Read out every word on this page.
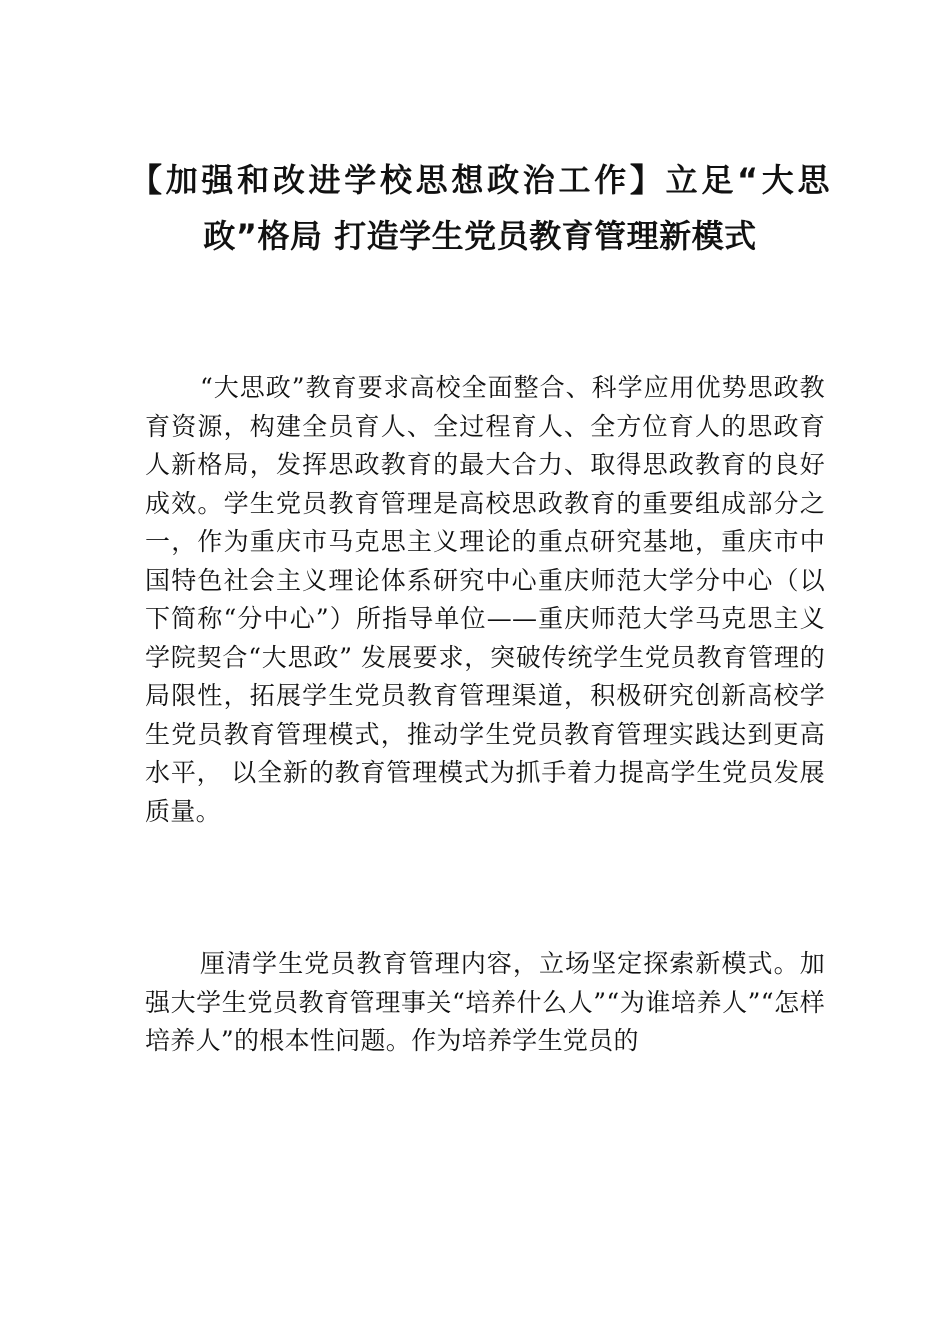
【加强和改进学校思想政治工作】立足“大思政”格局 打造学生党员教育管理新模式

“大思政”教育要求高校全面整合、科学应用优势思政教育资源，构建全员育人、全过程育人、全方位育人的思政育人新格局，发挥思政教育的最大合力、取得思政教育的良好成效。学生党员教育管理是高校思政教育的重要组成部分之一，作为重庆市马克思主义理论的重点研究基地，重庆市中国特色社会主义理论体系研究中心重庆师范大学分中心（以下简称“分中心”）所指导单位——重庆师范大学马克思主义学院契合“大思政” 发展要求，突破传统学生党员教育管理的局限性，拓展学生党员教育管理渠道，积极研究创新高校学生党员教育管理模式，推动学生党员教育管理实践达到更高水平， 以全新的教育管理模式为抓手着力提高学生党员发展质量。

厘清学生党员教育管理内容，立场坚定探索新模式。加强大学生党员教育管理事关“培养什么人”“为谁培养人”“怎样培养人”的根本性问题。作为培养学生党员的
